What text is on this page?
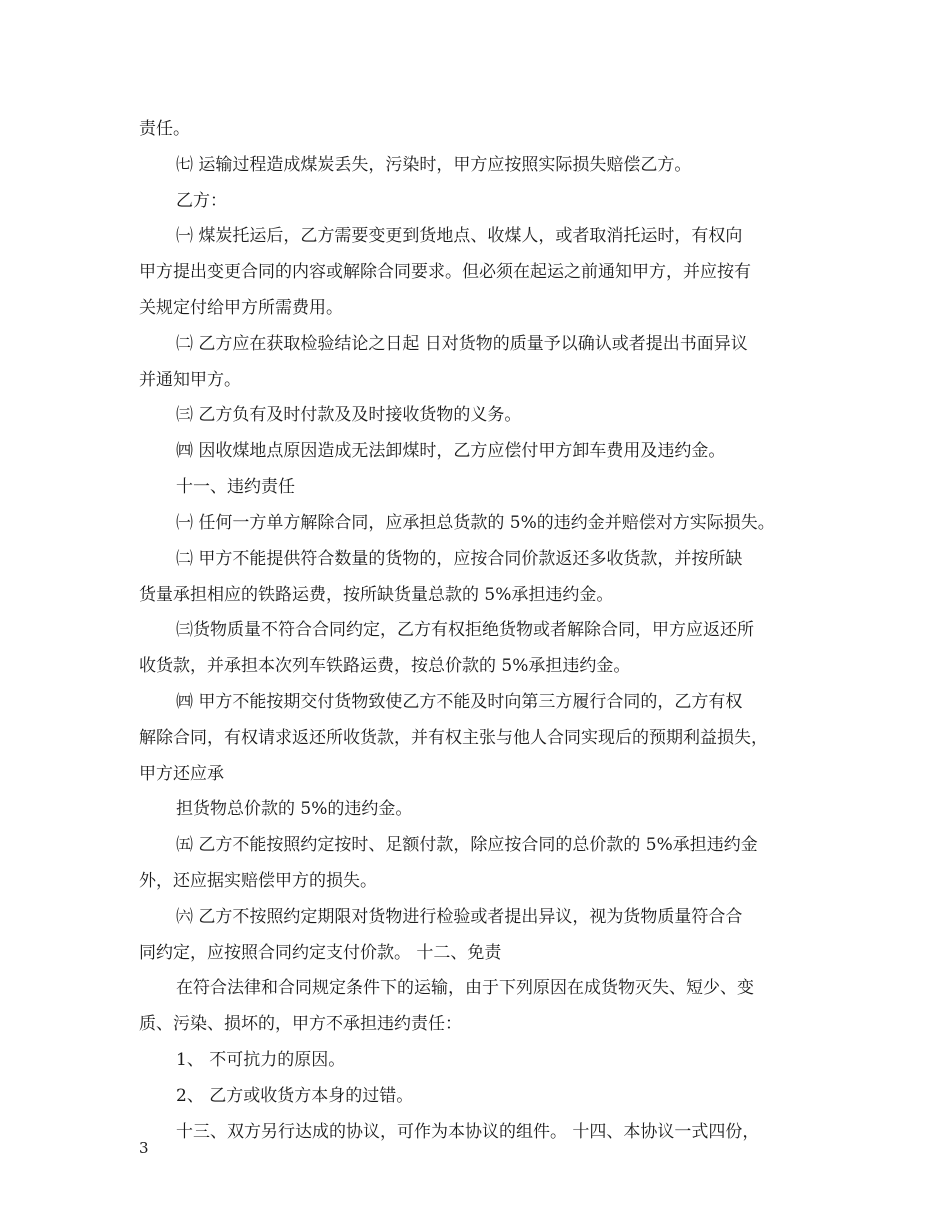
责任。
㈦ 运输过程造成煤炭丢失，污染时，甲方应按照实际损失赔偿乙方。
乙方：
㈠ 煤炭托运后，乙方需要变更到货地点、收煤人，或者取消托运时，有权向
甲方提出变更合同的内容或解除合同要求。但必须在起运之前通知甲方，并应按有
关规定付给甲方所需费用。
㈡ 乙方应在获取检验结论之日起 日对货物的质量予以确认或者提出书面异议
并通知甲方。
㈢ 乙方负有及时付款及及时接收货物的义务。
㈣ 因收煤地点原因造成无法卸煤时，乙方应偿付甲方卸车费用及违约金。
十一、违约责任
㈠ 任何一方单方解除合同，应承担总货款的 5%的违约金并赔偿对方实际损失。
㈡ 甲方不能提供符合数量的货物的，应按合同价款返还多收货款，并按所缺
货量承担相应的铁路运费，按所缺货量总款的 5%承担违约金。
㈢货物质量不符合合同约定，乙方有权拒绝货物或者解除合同，甲方应返还所
收货款，并承担本次列车铁路运费，按总价款的 5%承担违约金。
㈣ 甲方不能按期交付货物致使乙方不能及时向第三方履行合同的，乙方有权
解除合同，有权请求返还所收货款，并有权主张与他人合同实现后的预期利益损失，
甲方还应承
担货物总价款的 5%的违约金。
㈤ 乙方不能按照约定按时、足额付款，除应按合同的总价款的 5%承担违约金
外，还应据实赔偿甲方的损失。
㈥ 乙方不按照约定期限对货物进行检验或者提出异议，视为货物质量符合合
同约定，应按照合同约定支付价款。 十二、免责
在符合法律和合同规定条件下的运输，由于下列原因在成货物灭失、短少、变
质、污染、损坏的，甲方不承担违约责任：
1、 不可抗力的原因。
2、 乙方或收货方本身的过错。
十三、双方另行达成的协议，可作为本协议的组件。 十四、本协议一式四份，
3
